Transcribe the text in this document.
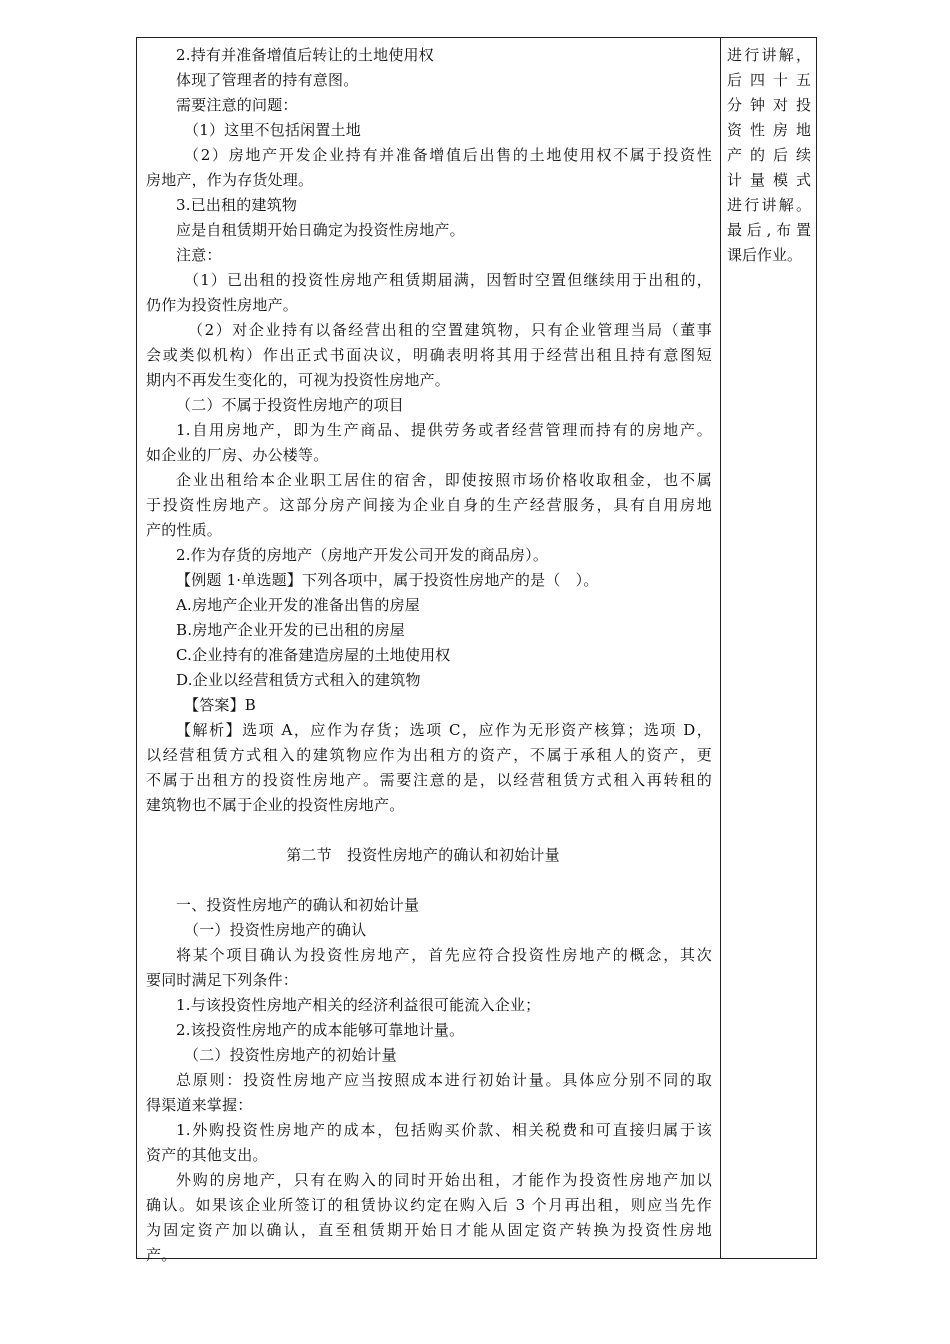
2.持有并准备增值后转让的土地使用权
体现了管理者的持有意图。
需要注意的问题：
（1）这里不包括闲置土地
（2）房地产开发企业持有并准备增值后出售的土地使用权不属于投资性
房地产，作为存货处理。
3.已出租的建筑物
应是自租赁期开始日确定为投资性房地产。
注意：
（1）已出租的投资性房地产租赁期届满，因暂时空置但继续用于出租的，
仍作为投资性房地产。
（2）对企业持有以备经营出租的空置建筑物，只有企业管理当局（董事
会或类似机构）作出正式书面决议，明确表明将其用于经营出租且持有意图短
期内不再发生变化的，可视为投资性房地产。
（二）不属于投资性房地产的项目
1.自用房地产，即为生产商品、提供劳务或者经营管理而持有的房地产。
如企业的厂房、办公楼等。
企业出租给本企业职工居住的宿舍，即使按照市场价格收取租金，也不属
于投资性房地产。这部分房产间接为企业自身的生产经营服务，具有自用房地
产的性质。
2.作为存货的房地产（房地产开发公司开发的商品房）。
【例题 1·单选题】下列各项中，属于投资性房地产的是（　）。
A.房地产企业开发的准备出售的房屋
B.房地产企业开发的已出租的房屋
C.企业持有的准备建造房屋的土地使用权
D.企业以经营租赁方式租入的建筑物
【答案】B
【解析】选项 A，应作为存货；选项 C，应作为无形资产核算；选项 D，
以经营租赁方式租入的建筑物应作为出租方的资产，不属于承租人的资产，更
不属于出租方的投资性房地产。需要注意的是，以经营租赁方式租入再转租的
建筑物也不属于企业的投资性房地产。
第二节　投资性房地产的确认和初始计量
一、投资性房地产的确认和初始计量
（一）投资性房地产的确认
将某个项目确认为投资性房地产，首先应符合投资性房地产的概念，其次
要同时满足下列条件：
1.与该投资性房地产相关的经济利益很可能流入企业；
2.该投资性房地产的成本能够可靠地计量。
（二）投资性房地产的初始计量
总原则：投资性房地产应当按照成本进行初始计量。具体应分别不同的取
得渠道来掌握：
1.外购投资性房地产的成本，包括购买价款、相关税费和可直接归属于该
资产的其他支出。
外购的房地产，只有在购入的同时开始出租，才能作为投资性房地产加以
确认。如果该企业所签订的租赁协议约定在购入后 3 个月再出租，则应当先作
为固定资产加以确认，直至租赁期开始日才能从固定资产转换为投资性房地
产。
进行讲解，
后四十五
分钟对投
资性房地
产的后续
计量模式
进行讲解。
最后,布置
课后作业。
